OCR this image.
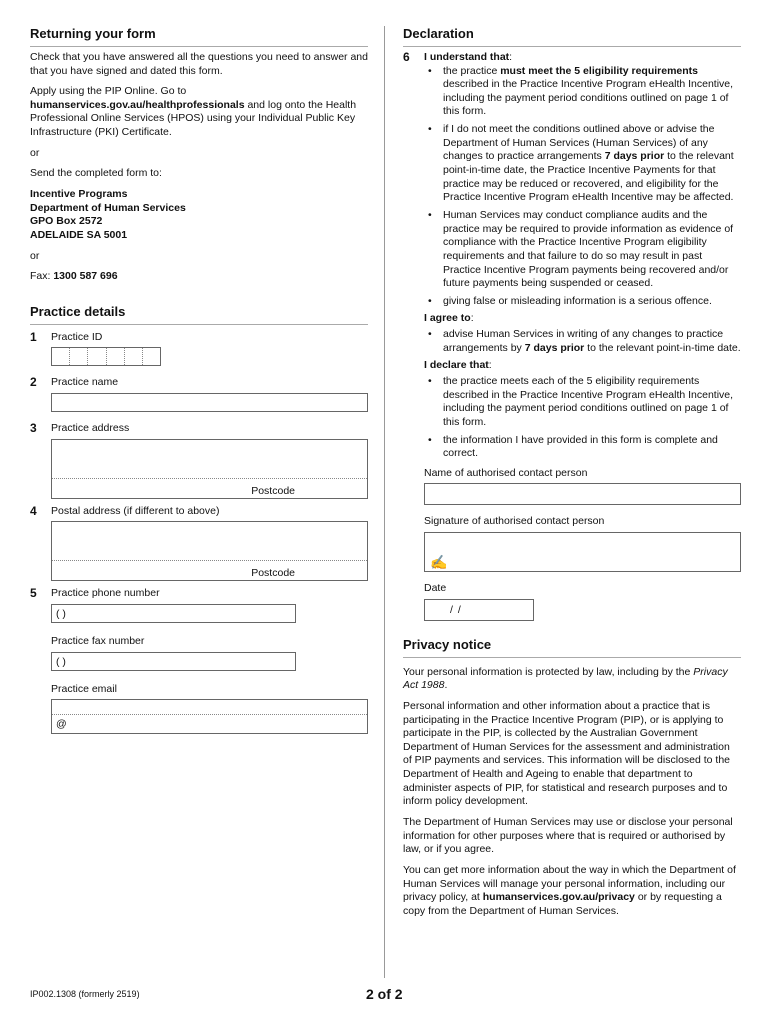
Returning your form

Check that you have answered all the questions you need to answer and that you have signed and dated this form.

Apply using the PIP Online. Go to
humanservices.gov.au/healthprofessionals and log onto the Health Professional Online Services (HPOS) using your Individual Public Key Infrastructure (PKI) Certificate.

or

Send the completed form to:

Incentive Programs
Department of Human Services
GPO Box 2572
ADELAIDE SA 5001

or

Fax: 1300 587 696

Practice details
1	Practice ID
2	Practice name
3	Practice address
Postcode
4	Postal address (if different to above)
Postcode
5	Practice phone number
( )
Practice fax number
( )
Practice email
@
Declaration
6	I understand that:
• the practice must meet the 5 eligibility requirements described in the Practice Incentive Program eHealth Incentive, including the payment period conditions outlined on page 1 of this form.
• if I do not meet the conditions outlined above or advise the Department of Human Services (Human Services) of any changes to practice arrangements 7 days prior to the relevant point-in-time date, the Practice Incentive Payments for that practice may be reduced or recovered, and eligibility for the Practice Incentive Program eHealth Incentive may be affected.
• Human Services may conduct compliance audits and the practice may be required to provide information as evidence of compliance with the Practice Incentive Program eligibility requirements and that failure to do so may result in past Practice Incentive Program payments being recovered and/or future payments being suspended or ceased.
• giving false or misleading information is a serious offence.
I agree to:
• advise Human Services in writing of any changes to practice arrangements by 7 days prior to the relevant point-in-time date.
I declare that:
• the practice meets each of the 5 eligibility requirements described in the Practice Incentive Program eHealth Incentive, including the payment period conditions outlined on page 1 of this form.
• the information I have provided in this form is complete and correct.
Name of authorised contact person
Signature of authorised contact person
✍
Date
/ /
Privacy notice

Your personal information is protected by law, including by the Privacy Act 1988.

Personal information and other information about a practice that is participating in the Practice Incentive Program (PIP), or is applying to participate in the PIP, is collected by the Australian Government Department of Human Services for the assessment and administration of PIP payments and services. This information will be disclosed to the Department of Health and Ageing to enable that department to administer aspects of PIP, for statistical and research purposes and to inform policy development.

The Department of Human Services may use or disclose your personal information for other purposes where that is required or authorised by law, or if you agree.

You can get more information about the way in which the Department of Human Services will manage your personal information, including our privacy policy, at humanservices.gov.au/privacy or by requesting a copy from the Department of Human Services.

IP002.1308 (formerly 2519)	2 of 2
